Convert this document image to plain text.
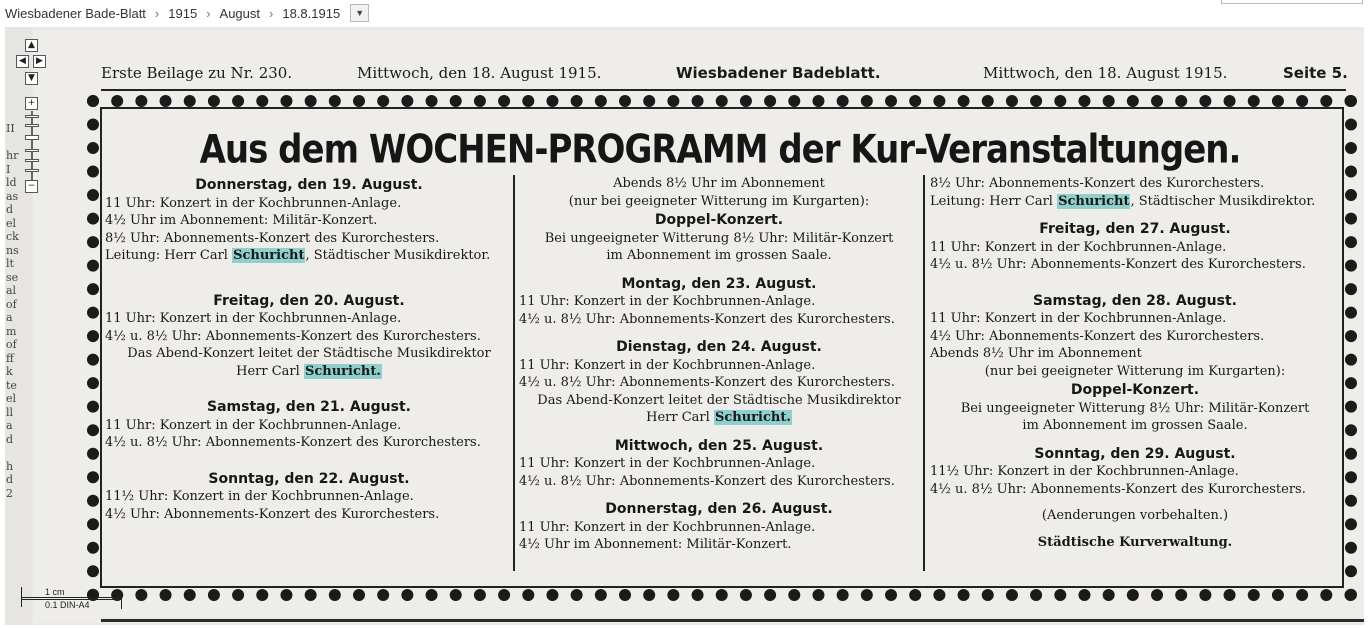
Wiesbadener Bade-Blatt › 1915 › August › 18.8.1915	▼
II

hr
I
ld
as
d
el
ck
ns
lt
se
al
of
a
m
of
ff
k
te
el
ll
a
d

h
d
2
Erste Beilage zu Nr. 230.	Mittwoch, den 18. August 1915.	Wiesbadener Badeblatt.	Mittwoch, den 18. August 1915.	Seite 5.
Aus dem WOCHEN-PROGRAMM der Kur-Veranstaltungen.
Donnerstag, den 19. August.
11 Uhr: Konzert in der Kochbrunnen-Anlage.
4½ Uhr im Abonnement: Militär-Konzert.
8½ Uhr: Abonnements-Konzert des Kurorchesters.
Leitung: Herr Carl Schuricht, Städtischer Musikdirektor.
Freitag, den 20. August.
11 Uhr: Konzert in der Kochbrunnen-Anlage.
4½ u. 8½ Uhr: Abonnements-Konzert des Kurorchesters.
Das Abend-Konzert leitet der Städtische Musikdirektor
Herr Carl Schuricht.
Samstag, den 21. August.
11 Uhr: Konzert in der Kochbrunnen-Anlage.
4½ u. 8½ Uhr: Abonnements-Konzert des Kurorchesters.
Sonntag, den 22. August.
11½ Uhr: Konzert in der Kochbrunnen-Anlage.
4½ Uhr: Abonnements-Konzert des Kurorchesters.
Abends 8½ Uhr im Abonnement
(nur bei geeigneter Witterung im Kurgarten):
Doppel-Konzert.
Bei ungeeigneter Witterung 8½ Uhr: Militär-Konzert
im Abonnement im grossen Saale.
Montag, den 23. August.
11 Uhr: Konzert in der Kochbrunnen-Anlage.
4½ u. 8½ Uhr: Abonnements-Konzert des Kurorchesters.
Dienstag, den 24. August.
11 Uhr: Konzert in der Kochbrunnen-Anlage.
4½ u. 8½ Uhr: Abonnements-Konzert des Kurorchesters.
Das Abend-Konzert leitet der Städtische Musikdirektor
Herr Carl Schuricht.
Mittwoch, den 25. August.
11 Uhr: Konzert in der Kochbrunnen-Anlage.
4½ u. 8½ Uhr: Abonnements-Konzert des Kurorchesters.
Donnerstag, den 26. August.
11 Uhr: Konzert in der Kochbrunnen-Anlage.
4½ Uhr im Abonnement: Militär-Konzert.
8½ Uhr: Abonnements-Konzert des Kurorchesters.
Leitung: Herr Carl Schuricht, Städtischer Musikdirektor.
Freitag, den 27. August.
11 Uhr: Konzert in der Kochbrunnen-Anlage.
4½ u. 8½ Uhr: Abonnements-Konzert des Kurorchesters.
Samstag, den 28. August.
11 Uhr: Konzert in der Kochbrunnen-Anlage.
4½ Uhr: Abonnements-Konzert des Kurorchesters.
Abends 8½ Uhr im Abonnement
(nur bei geeigneter Witterung im Kurgarten):
Doppel-Konzert.
Bei ungeeigneter Witterung 8½ Uhr: Militär-Konzert
im Abonnement im grossen Saale.
Sonntag, den 29. August.
11½ Uhr: Konzert in der Kochbrunnen-Anlage.
4½ u. 8½ Uhr: Abonnements-Konzert des Kurorchesters.
(Aenderungen vorbehalten.)
Städtische Kurverwaltung.
▲
◀	▶
▼
+
−
1 cm
0.1 DIN-A4
